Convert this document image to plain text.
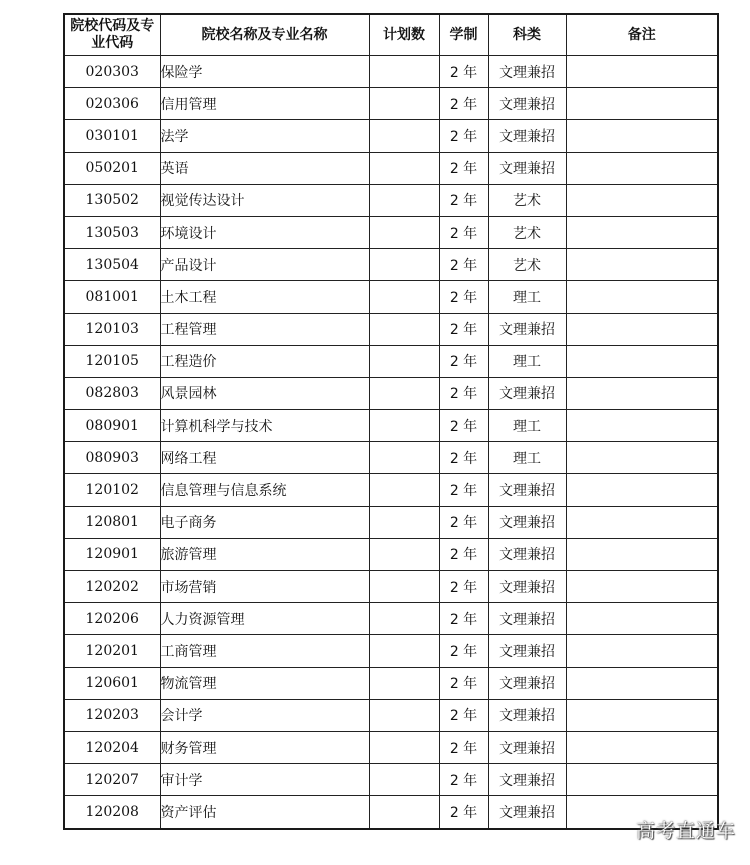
院校代码及专业代码	院校名称及专业名称	计划数	学制	科类	备注
020303	保险学		2 年	文理兼招	
020306	信用管理		2 年	文理兼招	
030101	法学		2 年	文理兼招	
050201	英语		2 年	文理兼招	
130502	视觉传达设计		2 年	艺术	
130503	环境设计		2 年	艺术	
130504	产品设计		2 年	艺术	
081001	土木工程		2 年	理工	
120103	工程管理		2 年	文理兼招	
120105	工程造价		2 年	理工	
082803	风景园林		2 年	文理兼招	
080901	计算机科学与技术		2 年	理工	
080903	网络工程		2 年	理工	
120102	信息管理与信息系统		2 年	文理兼招	
120801	电子商务		2 年	文理兼招	
120901	旅游管理		2 年	文理兼招	
120202	市场营销		2 年	文理兼招	
120206	人力资源管理		2 年	文理兼招	
120201	工商管理		2 年	文理兼招	
120601	物流管理		2 年	文理兼招	
120203	会计学		2 年	文理兼招	
120204	财务管理		2 年	文理兼招	
120207	审计学		2 年	文理兼招	
120208	资产评估		2 年	文理兼招	
高考直通车
